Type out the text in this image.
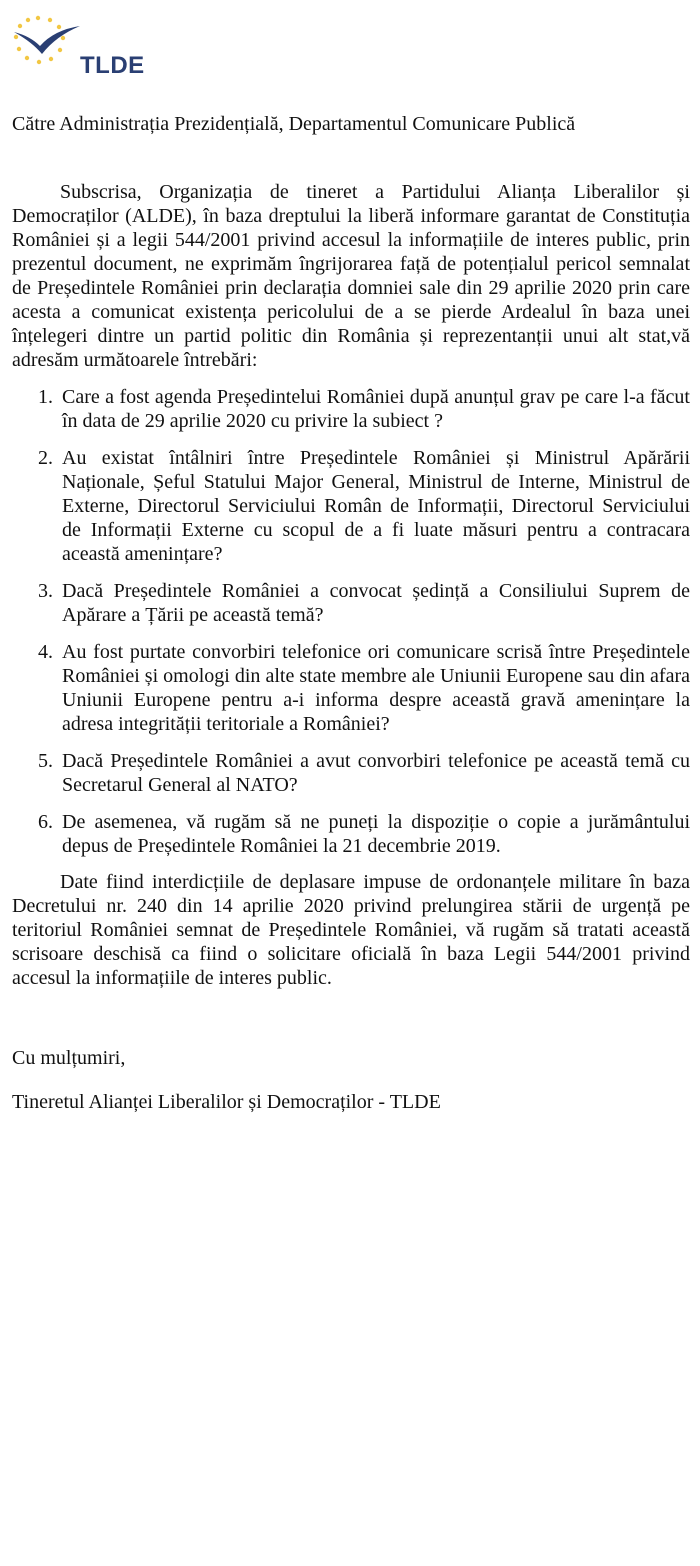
TLDE

Către Administrația Prezidențială, Departamentul Comunicare Publică

Subscrisa, Organizația de tineret a Partidului Alianța Liberalilor și Democraților (ALDE), în baza dreptului la liberă informare garantat de Constituția României și a legii 544/2001 privind accesul la informațiile de interes public, prin prezentul document, ne exprimăm îngrijorarea față de potențialul pericol semnalat de Președintele României prin declarația domniei sale din 29 aprilie 2020 prin care acesta a comunicat existența pericolului de a se pierde Ardealul în baza unei înțelegeri dintre un partid politic din România și reprezentanții unui alt stat,vă adresăm următoarele întrebări:

1. Care a fost agenda Președintelui României după anunțul grav pe care l-a făcut în data de 29 aprilie 2020 cu privire la subiect ?
2. Au existat întâlniri între Președintele României și Ministrul Apărării Naționale, Șeful Statului Major General, Ministrul de Interne, Ministrul de Externe, Directorul Serviciului Român de Informații, Directorul Serviciului de Informații Externe cu scopul de a fi luate măsuri pentru a contracara această amenințare?
3. Dacă Președintele României a convocat ședință a Consiliului Suprem de Apărare a Țării pe această temă?
4. Au fost purtate convorbiri telefonice ori comunicare scrisă între Președintele României și omologi din alte state membre ale Uniunii Europene sau din afara Uniunii Europene pentru a-i informa despre această gravă amenințare la adresa integrității teritoriale a României?
5. Dacă Președintele României a avut convorbiri telefonice pe această temă cu Secretarul General al NATO?
6. De asemenea, vă rugăm să ne puneți la dispoziție o copie a jurământului depus de Președintele României la 21 decembrie 2019.

Date fiind interdicțiile de deplasare impuse de ordonanțele militare în baza Decretului nr. 240 din 14 aprilie 2020 privind prelungirea stării de urgență pe teritoriul României semnat de Președintele României, vă rugăm să tratati această scrisoare deschisă ca fiind o solicitare oficială în baza Legii 544/2001 privind accesul la informațiile de interes public.

Cu mulțumiri,

Tineretul Alianței Liberalilor și Democraților - TLDE
